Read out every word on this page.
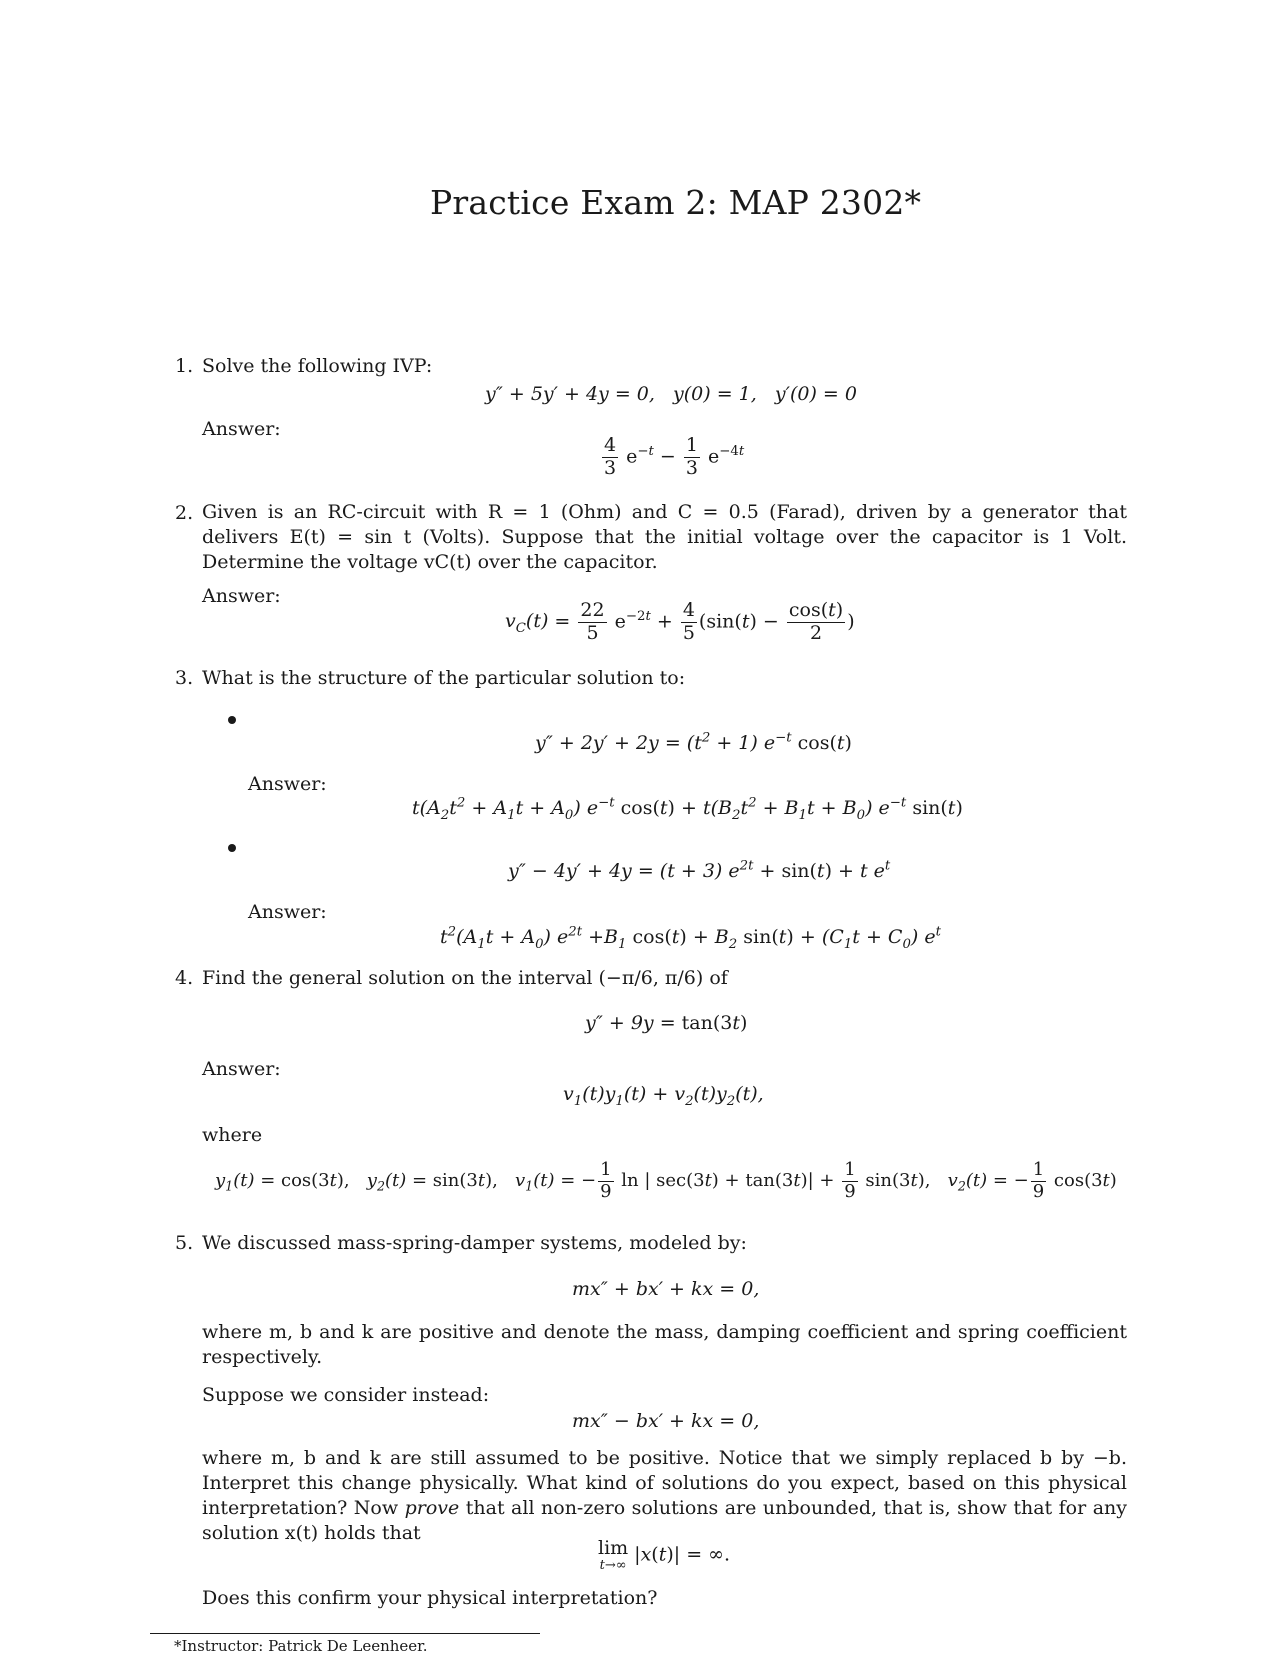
Practice Exam 2: MAP 2302*
1. Solve the following IVP:
y″ + 5y′ + 4y = 0,   y(0) = 1,   y′(0) = 0
Answer:
$\frac{4}{3} e^{-t} - \frac{1}{3} e^{-4t}$
2. Given is an RC-circuit with R = 1 (Ohm) and C = 0.5 (Farad), driven by a generator that delivers E(t) = sin t (Volts). Suppose that the initial voltage over the capacitor is 1 Volt. Determine the voltage vC(t) over the capacitor.
Answer:
$v_C(t) = \frac{22}{5} e^{-2t} + \frac{4}{5} (\sin(t) - \frac{\cos(t)}{2}$ )
3. What is the structure of the particular solution to:
$y'' + 2y' + 2y = (t^2 + 1)$ $e^{-t}$ cos(t)
Answer:
$t(A_2t^2 + A_1t + A_0)$ $e^{-t}$ $\cos(t) + t(B_2t^2 + B_1t + B_0)$ $e^{-t}$ sin(t)
y″ − 4y′ + 4y = (t + 3) $e^{2t} + \sin(t) + t$ $e^t$
Answer:
$t^2(A_1t + A_0)$ $e^{2t} +B_1$ $\cos(t) + B_2$ $\sin(t) + (C_1t + C_0)$ $e^t$
4. Find the general solution on the interval (−π/6, π/6) of
y″ + 9y = tan(3t)
Answer:
$v_1(t)y_1(t) + v_2(t)y_2(t)$,
where
$y_1(t) = \cos(3t)$,   $y_2(t) = \sin(3t)$,   $v_1(t)$ = − $\frac{1}{9}$ ln | $\sec(3t) + \tan(3t)| + \frac{1}{9} \sin(3t)$,   $v_2(t)$ = − $\frac{1}{9} \cos(3t)$
5. We discussed mass-spring-damper systems, modeled by:
mx″ + bx′ + kx = 0,
where m, b and k are positive and denote the mass, damping coefficient and spring coefficient respectively.
Suppose we consider instead:
mx″ − bx′ + kx = 0,
where m, b and k are still assumed to be positive. Notice that we simply replaced b by −b. Interpret this change physically. What kind of solutions do you expect, based on this physical interpretation? Now prove that all non-zero solutions are unbounded, that is, show that for any solution x(t) holds that
lim
t→∞ |x(t)| = ∞.
Does this confirm your physical interpretation?
*Instructor: Patrick De Leenheer.
